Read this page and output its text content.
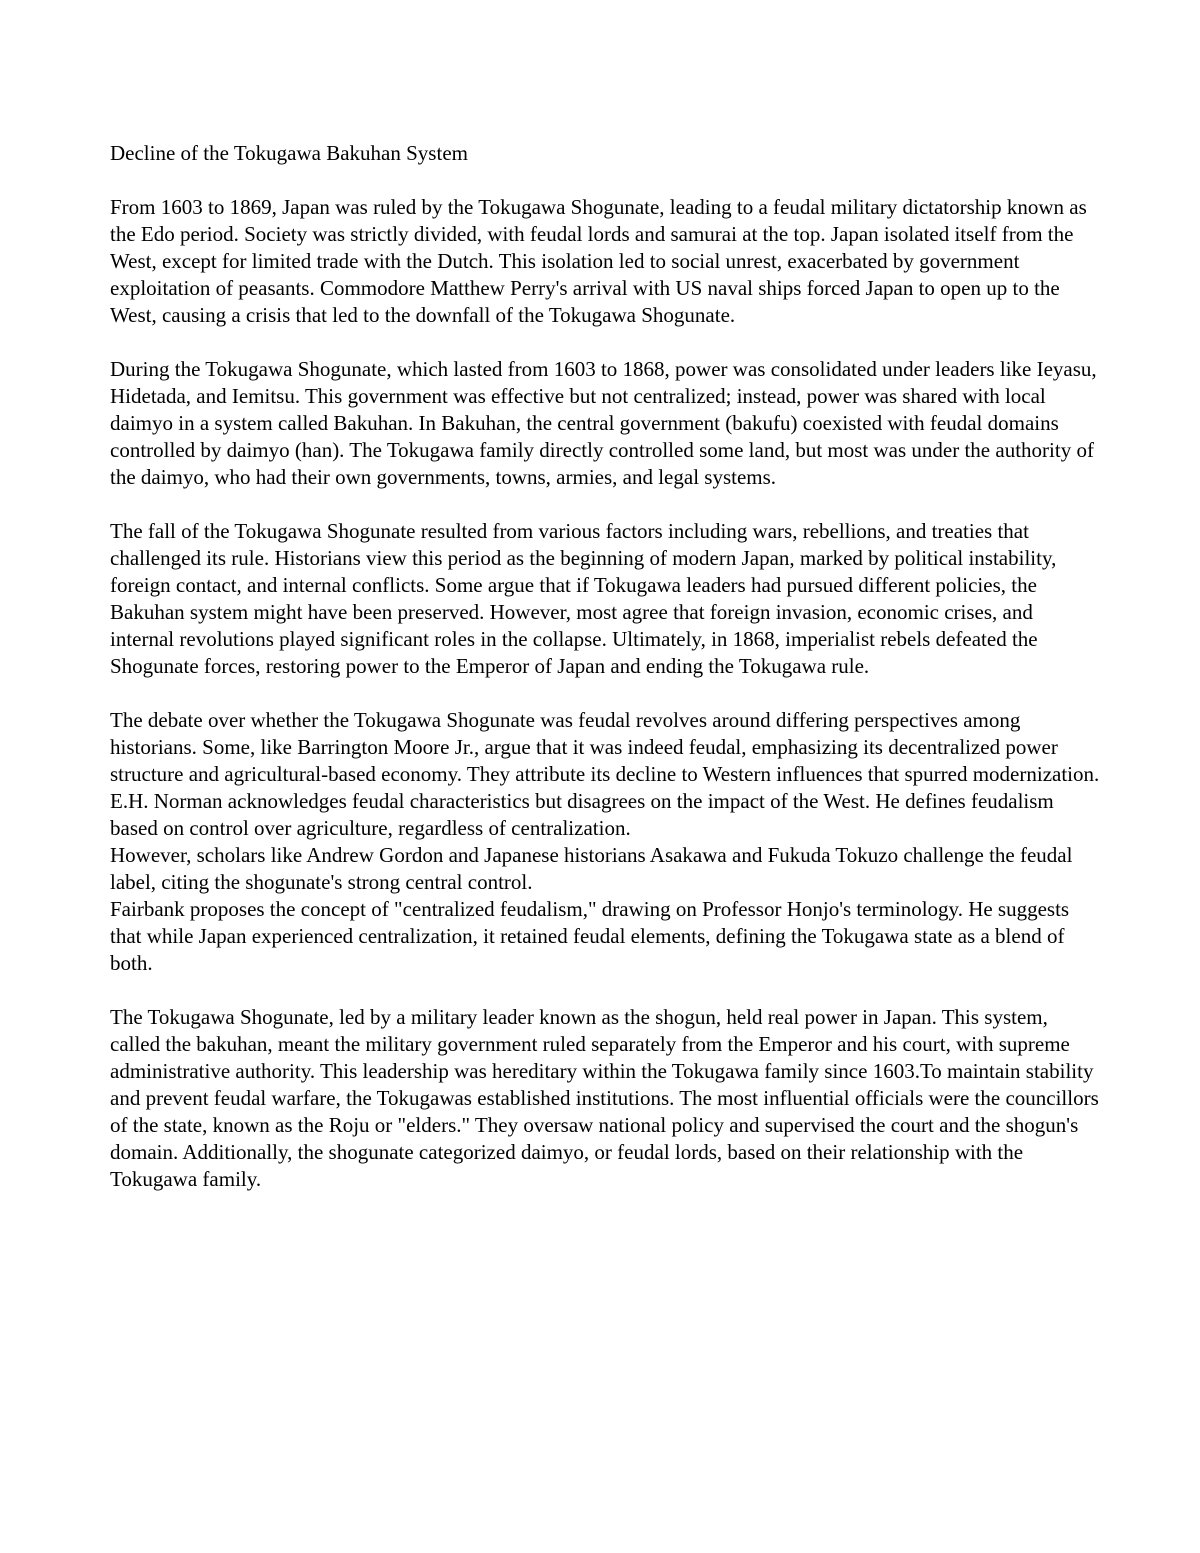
Decline of the Tokugawa Bakuhan System

From 1603 to 1869, Japan was ruled by the Tokugawa Shogunate, leading to a feudal military dictatorship known as the Edo period. Society was strictly divided, with feudal lords and samurai at the top. Japan isolated itself from the West, except for limited trade with the Dutch. This isolation led to social unrest, exacerbated by government exploitation of peasants. Commodore Matthew Perry's arrival with US naval ships forced Japan to open up to the West, causing a crisis that led to the downfall of the Tokugawa Shogunate.

During the Tokugawa Shogunate, which lasted from 1603 to 1868, power was consolidated under leaders like Ieyasu, Hidetada, and Iemitsu. This government was effective but not centralized; instead, power was shared with local daimyo in a system called Bakuhan. In Bakuhan, the central government (bakufu) coexisted with feudal domains controlled by daimyo (han). The Tokugawa family directly controlled some land, but most was under the authority of the daimyo, who had their own governments, towns, armies, and legal systems.

The fall of the Tokugawa Shogunate resulted from various factors including wars, rebellions, and treaties that challenged its rule. Historians view this period as the beginning of modern Japan, marked by political instability, foreign contact, and internal conflicts. Some argue that if Tokugawa leaders had pursued different policies, the Bakuhan system might have been preserved. However, most agree that foreign invasion, economic crises, and internal revolutions played significant roles in the collapse. Ultimately, in 1868, imperialist rebels defeated the Shogunate forces, restoring power to the Emperor of Japan and ending the Tokugawa rule.

The debate over whether the Tokugawa Shogunate was feudal revolves around differing perspectives among historians. Some, like Barrington Moore Jr., argue that it was indeed feudal, emphasizing its decentralized power structure and agricultural-based economy. They attribute its decline to Western influences that spurred modernization.

E.H. Norman acknowledges feudal characteristics but disagrees on the impact of the West. He defines feudalism based on control over agriculture, regardless of centralization.

However, scholars like Andrew Gordon and Japanese historians Asakawa and Fukuda Tokuzo challenge the feudal label, citing the shogunate's strong central control.

Fairbank proposes the concept of "centralized feudalism," drawing on Professor Honjo's terminology. He suggests that while Japan experienced centralization, it retained feudal elements, defining the Tokugawa state as a blend of both.

The Tokugawa Shogunate, led by a military leader known as the shogun, held real power in Japan. This system, called the bakuhan, meant the military government ruled separately from the Emperor and his court, with supreme administrative authority. This leadership was hereditary within the Tokugawa family since 1603.To maintain stability and prevent feudal warfare, the Tokugawas established institutions. The most influential officials were the councillors of the state, known as the Roju or "elders." They oversaw national policy and supervised the court and the shogun's domain. Additionally, the shogunate categorized daimyo, or feudal lords, based on their relationship with the Tokugawa family.
